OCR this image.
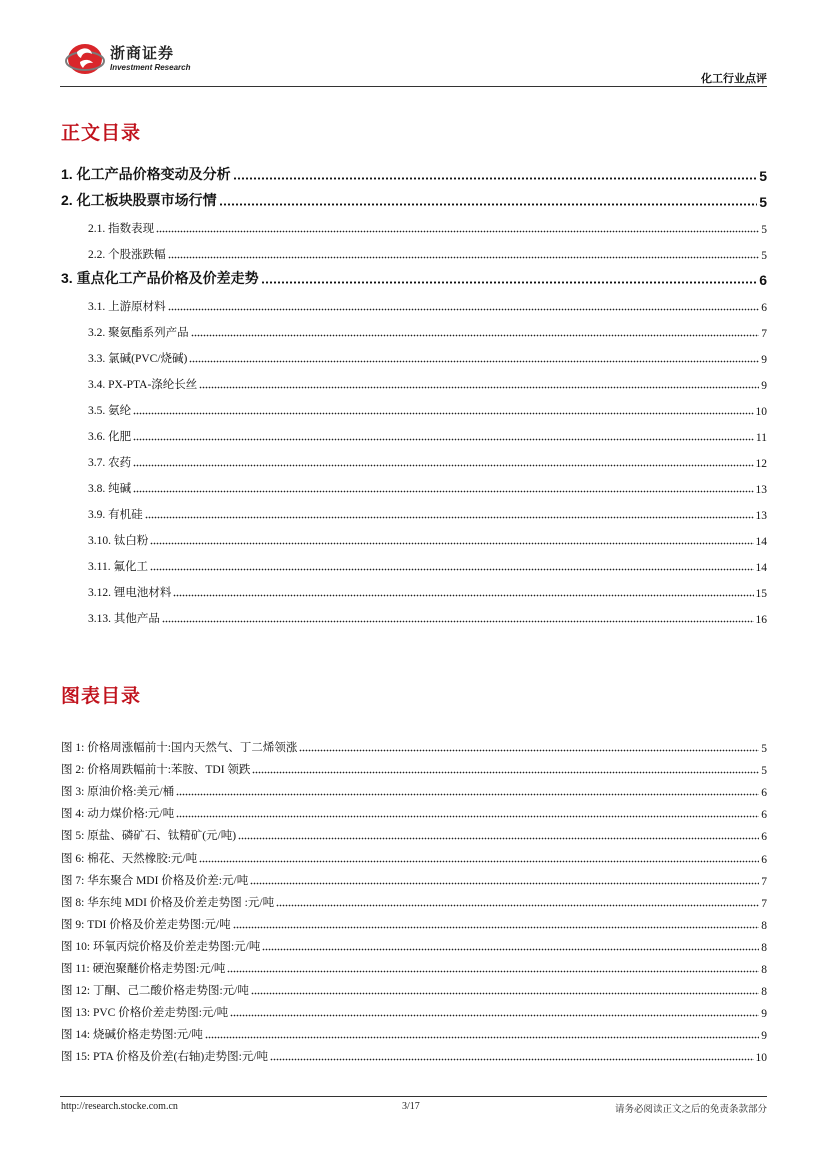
浙商证券
Investment Research
化工行业点评
正文目录
1. 化工产品价格变动及分析	5
2. 化工板块股票市场行情	5
2.1. 指数表现	5
2.2. 个股涨跌幅	5
3. 重点化工产品价格及价差走势	6
3.1. 上游原材料	6
3.2. 聚氨酯系列产品	7
3.3. 氯碱(PVC/烧碱)	9
3.4. PX-PTA-涤纶长丝	9
3.5. 氨纶	10
3.6. 化肥	11
3.7. 农药	12
3.8. 纯碱	13
3.9. 有机硅	13
3.10. 钛白粉	14
3.11. 氟化工	14
3.12. 锂电池材料	15
3.13. 其他产品	16
图表目录
图 1: 价格周涨幅前十:国内天然气、丁二烯领涨	5
图 2: 价格周跌幅前十:苯胺、TDI 领跌	5
图 3: 原油价格:美元/桶	6
图 4: 动力煤价格:元/吨	6
图 5: 原盐、磷矿石、钛精矿(元/吨)	6
图 6: 棉花、天然橡胶:元/吨	6
图 7: 华东聚合 MDI 价格及价差:元/吨	7
图 8: 华东纯 MDI 价格及价差走势图 :元/吨	7
图 9: TDI 价格及价差走势图:元/吨	8
图 10: 环氧丙烷价格及价差走势图:元/吨	8
图 11: 硬泡聚醚价格走势图:元/吨	8
图 12: 丁酮、己二酸价格走势图:元/吨	8
图 13: PVC 价格价差走势图:元/吨	9
图 14: 烧碱价格走势图:元/吨	9
图 15: PTA 价格及价差(右轴)走势图:元/吨	10
http://research.stocke.com.cn	3/17	请务必阅读正文之后的免责条款部分
